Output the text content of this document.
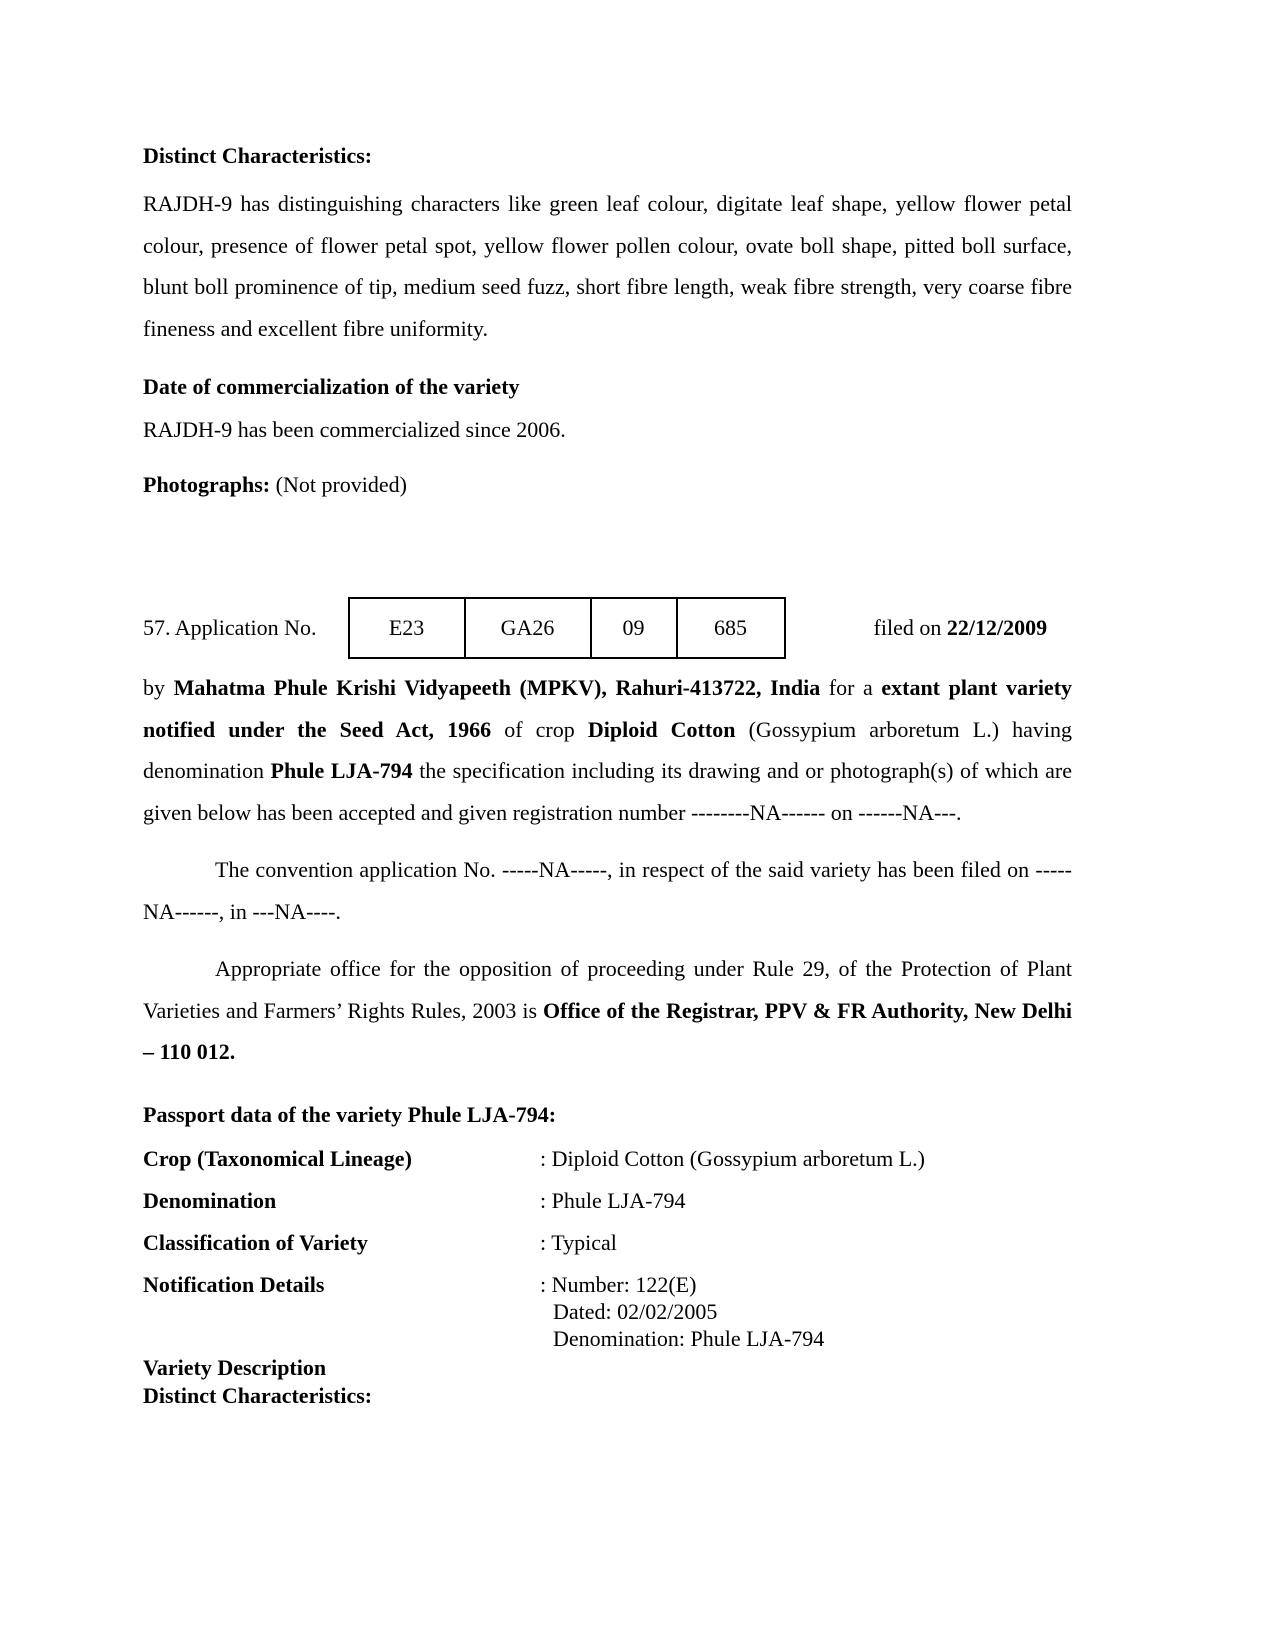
Distinct Characteristics:
RAJDH-9 has distinguishing characters like green leaf colour, digitate leaf shape, yellow flower petal colour, presence of flower petal spot, yellow flower pollen colour, ovate boll shape, pitted boll surface, blunt boll prominence of tip, medium seed fuzz, short fibre length, weak fibre strength, very coarse fibre fineness and excellent fibre uniformity.
Date of commercialization of the variety
RAJDH-9 has been commercialized since 2006.
Photographs: (Not provided)
57. Application No.	E23	GA26	09	685	filed on 22/12/2009
by Mahatma Phule Krishi Vidyapeeth (MPKV), Rahuri-413722, India for a extant plant variety notified under the Seed Act, 1966 of crop Diploid Cotton (Gossypium arboretum L.) having denomination Phule LJA-794 the specification including its drawing and or photograph(s) of which are given below has been accepted and given registration number --------NA------ on ------NA---.
The convention application No. -----NA-----, in respect of the said variety has been filed on -----NA------, in ---NA----.
Appropriate office for the opposition of proceeding under Rule 29, of the Protection of Plant Varieties and Farmers’ Rights Rules, 2003 is Office of the Registrar, PPV & FR Authority, New Delhi – 110 012.
Passport data of the variety Phule LJA-794:
Crop (Taxonomical Lineage)	: Diploid Cotton (Gossypium arboretum L.)
Denomination	: Phule LJA-794
Classification of Variety	: Typical
Notification Details	: Number: 122(E)
Dated: 02/02/2005
Denomination: Phule LJA-794
Variety Description
Distinct Characteristics:
